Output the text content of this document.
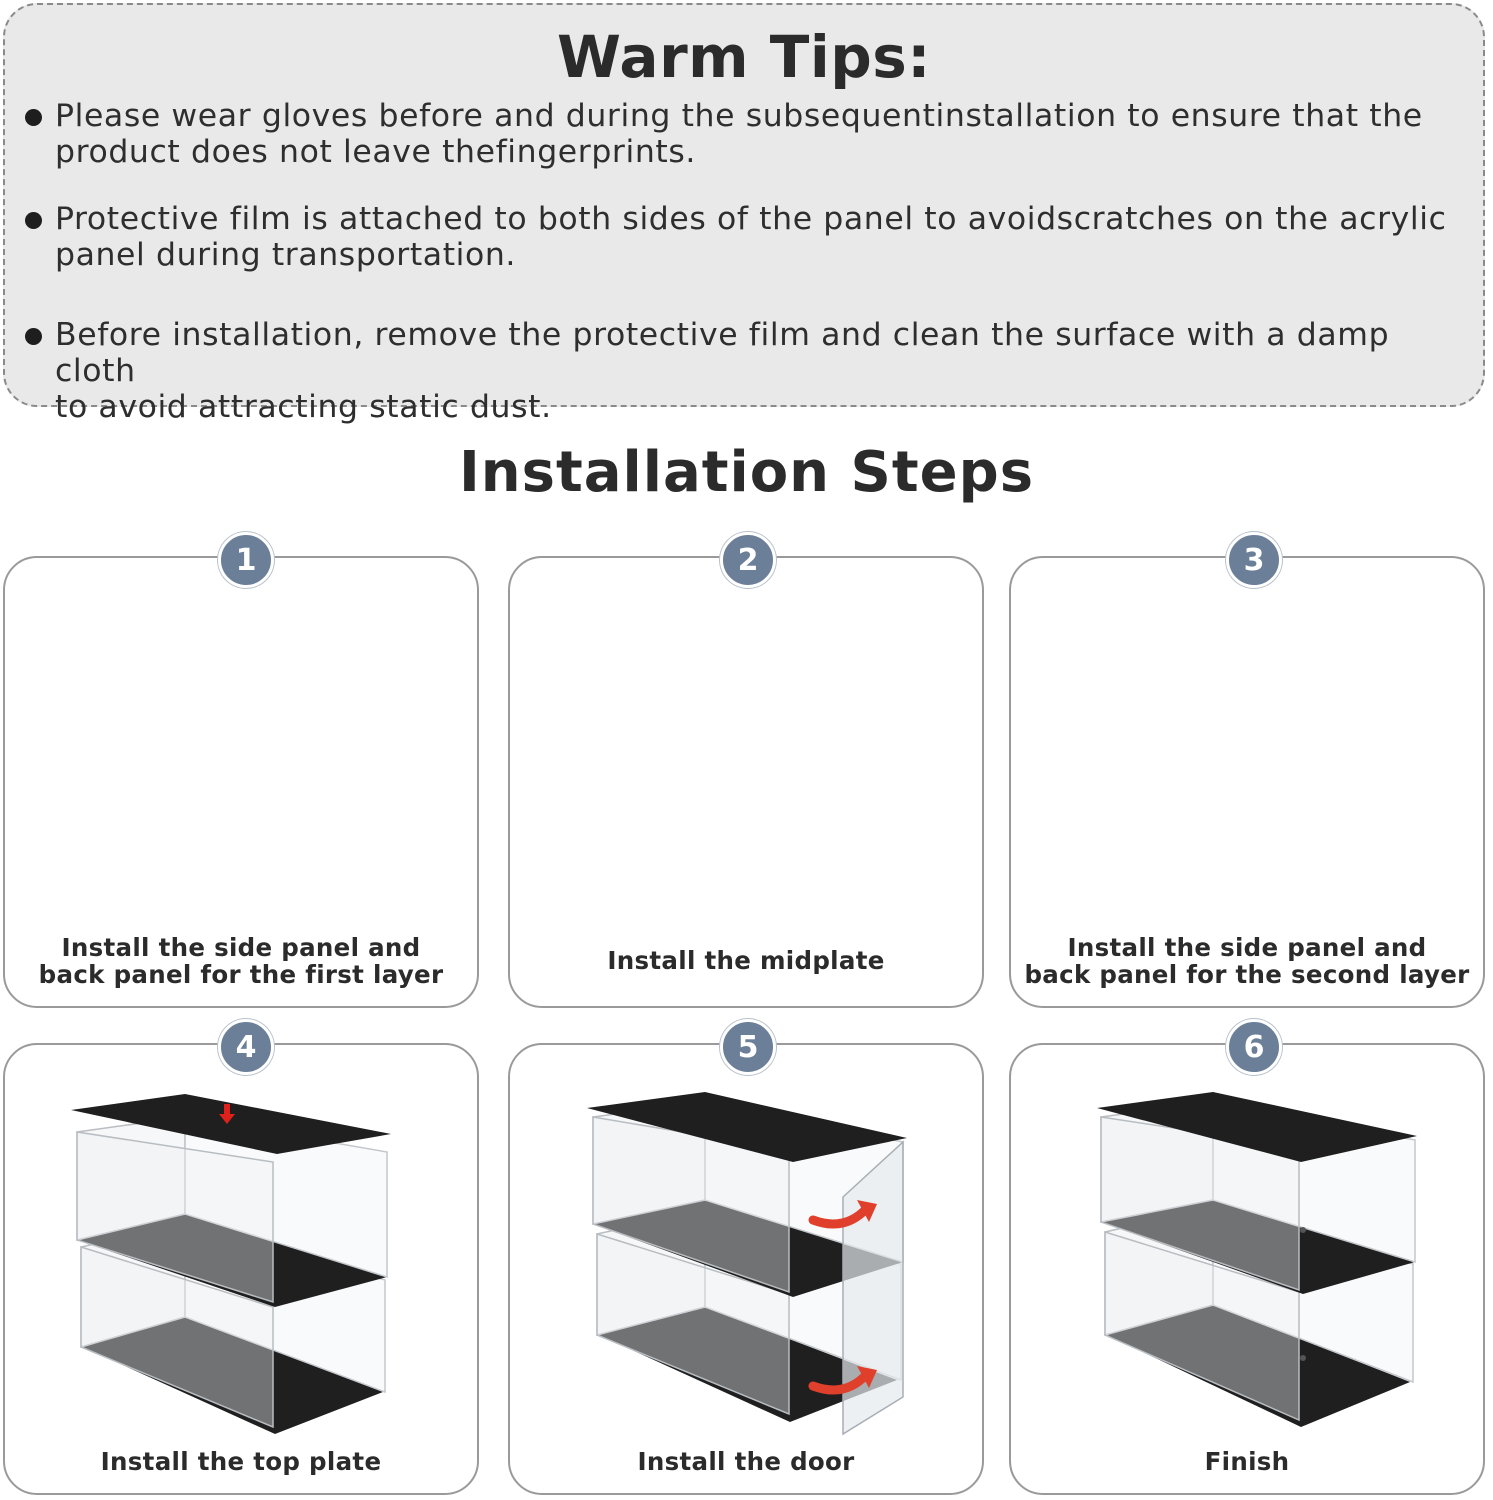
Warm Tips:
Please wear gloves before and during the subsequentinstallation to ensure that the
product does not leave thefingerprints.
Protective film is attached to both sides of the panel to avoidscratches on the acrylic
panel during transportation.
Before installation, remove the protective film and clean the surface with a damp cloth
to avoid attracting static dust.
Installation Steps
1
Install the side panel and
back panel for the first layer
2
Install the midplate
3
Install the side panel and
back panel for the second layer
4
Install the top plate
5
Install the door
6
Finish
